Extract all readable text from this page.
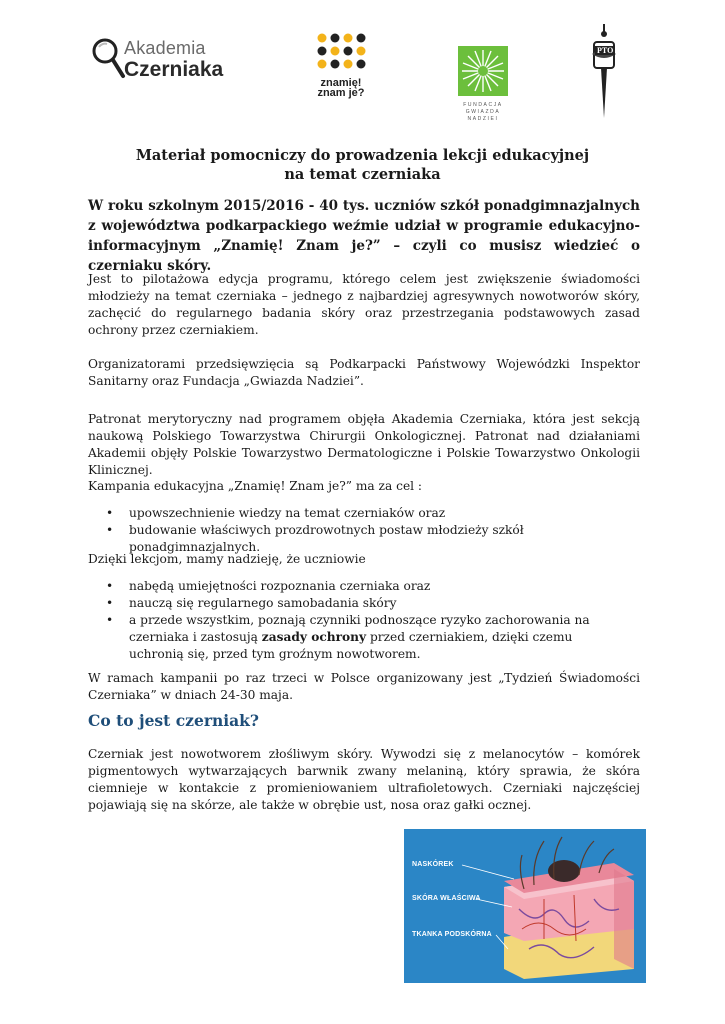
Akademia
Czerniaka
znamię!
znam je?
FUNDACJA GWIAZDA NADZIEI
PTO
Materiał pomocniczy do prowadzenia lekcji edukacyjnej
na temat czerniaka

W roku szkolnym 2015/2016 - 40 tys. uczniów szkół ponadgimnazjalnych z województwa podkarpackiego weźmie udział w programie edukacyjno-informacyjnym „Znamię! Znam je?” – czyli co musisz wiedzieć o czerniaku skóry.

Jest to pilotażowa edycja programu, którego celem jest zwiększenie świadomości młodzieży na temat czerniaka – jednego z najbardziej agresywnych nowotworów skóry, zachęcić do regularnego badania skóry oraz przestrzegania podstawowych zasad ochrony przez czerniakiem.

Organizatorami przedsięwzięcia są Podkarpacki Państwowy Wojewódzki Inspektor Sanitarny oraz Fundacja „Gwiazda Nadziei”.

Patronat merytoryczny nad programem objęła Akademia Czerniaka, która jest sekcją naukową Polskiego Towarzystwa Chirurgii Onkologicznej. Patronat nad działaniami Akademii objęły Polskie Towarzystwo Dermatologiczne i Polskie Towarzystwo Onkologii Klinicznej.

Kampania edukacyjna „Znamię! Znam je?” ma za cel :

• upowszechnienie wiedzy na temat czerniaków oraz
• budowanie właściwych prozdrowotnych postaw młodzieży szkół ponadgimnazjalnych.

Dzięki lekcjom, mamy nadzieję, że uczniowie

• nabędą umiejętności rozpoznania czerniaka oraz
• nauczą się regularnego samobadania skóry
• a przede wszystkim, poznają czynniki podnoszące ryzyko zachorowania na czerniaka i zastosują zasady ochrony przed czerniakiem, dzięki czemu uchronią się, przed tym groźnym nowotworem.

W ramach kampanii po raz trzeci w Polsce organizowany jest „Tydzień Świadomości Czerniaka” w dniach 24-30 maja.

Co to jest czerniak?

Czerniak jest nowotworem złośliwym skóry. Wywodzi się z melanocytów – komórek pigmentowych wytwarzających barwnik zwany melaniną, który sprawia, że skóra ciemnieje w kontakcie z promieniowaniem ultrafioletowych. Czerniaki najczęściej pojawiają się na skórze, ale także w obrębie ust, nosa oraz gałki ocznej.

NASKÓREK
SKÓRA WŁAŚCIWA
TKANKA PODSKÓRNA
